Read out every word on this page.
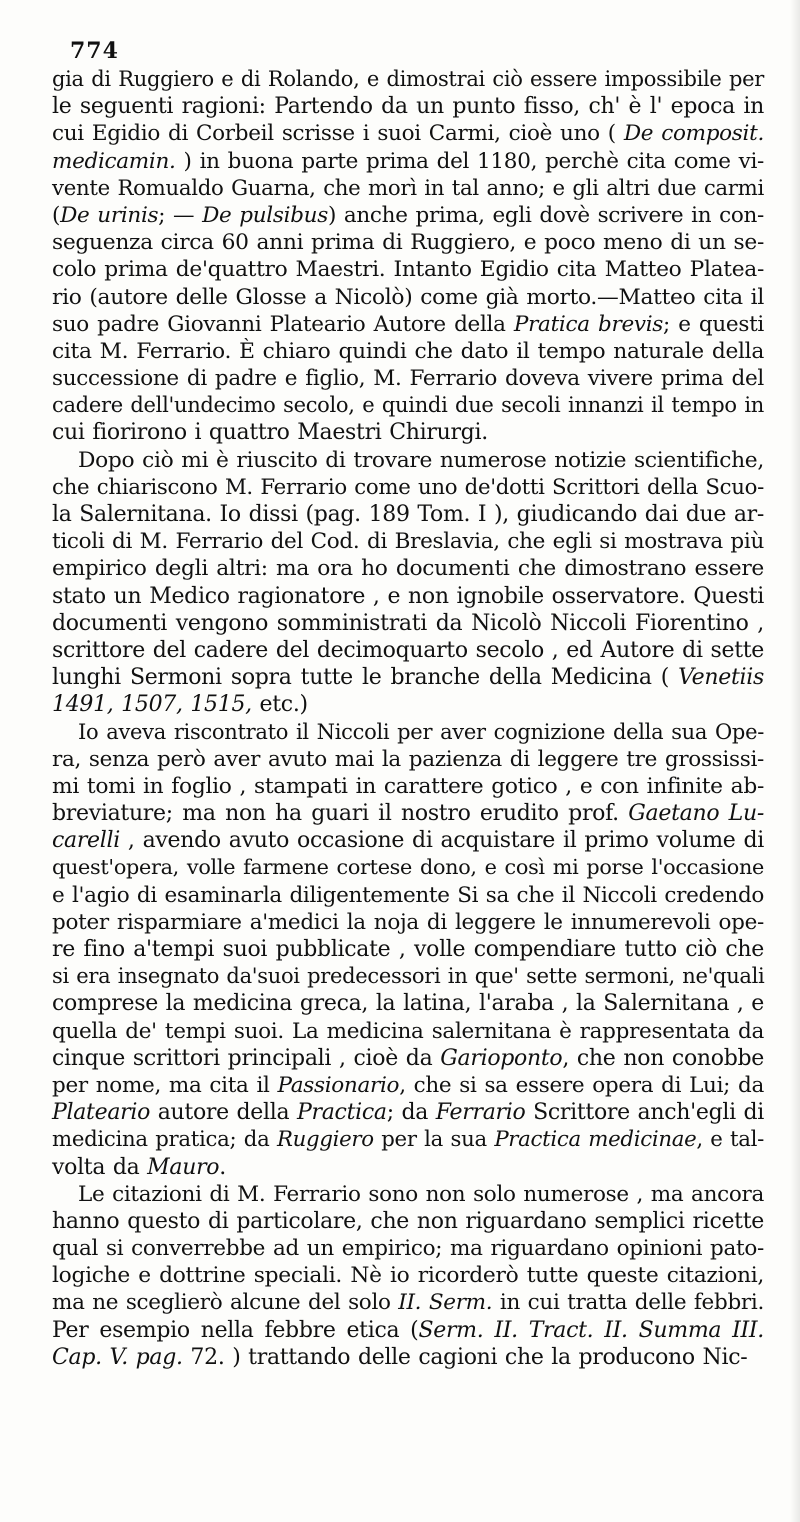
774
gia di Ruggiero e di Rolando, e dimostrai ciò essere impossibile per
le seguenti ragioni: Partendo da un punto fisso, ch' è l' epoca in
cui Egidio di Corbeil scrisse i suoi Carmi, cioè uno ( De composit.
medicamin. ) in buona parte prima del 1180, perchè cita come vi-
vente Romualdo Guarna, che morì in tal anno; e gli altri due carmi
(De urinis; — De pulsibus) anche prima, egli dovè scrivere in con-
seguenza circa 60 anni prima di Ruggiero, e poco meno di un se-
colo prima de'quattro Maestri. Intanto Egidio cita Matteo Platea-
rio (autore delle Glosse a Nicolò) come già morto.—Matteo cita il
suo padre Giovanni Plateario Autore della Pratica brevis; e questi
cita M. Ferrario. È chiaro quindi che dato il tempo naturale della
successione di padre e figlio, M. Ferrario doveva vivere prima del
cadere dell'undecimo secolo, e quindi due secoli innanzi il tempo in
cui fiorirono i quattro Maestri Chirurgi.
Dopo ciò mi è riuscito di trovare numerose notizie scientifiche,
che chiariscono M. Ferrario come uno de'dotti Scrittori della Scuo-
la Salernitana. Io dissi (pag. 189 Tom. I ), giudicando dai due ar-
ticoli di M. Ferrario del Cod. di Breslavia, che egli si mostrava più
empirico degli altri: ma ora ho documenti che dimostrano essere
stato un Medico ragionatore , e non ignobile osservatore. Questi
documenti vengono somministrati da Nicolò Niccoli Fiorentino ,
scrittore del cadere del decimoquarto secolo , ed Autore di sette
lunghi Sermoni sopra tutte le branche della Medicina ( Venetiis
1491, 1507, 1515, etc.)
Io aveva riscontrato il Niccoli per aver cognizione della sua Ope-
ra, senza però aver avuto mai la pazienza di leggere tre grossissi-
mi tomi in foglio , stampati in carattere gotico , e con infinite ab-
breviature; ma non ha guari il nostro erudito prof. Gaetano Lu-
carelli , avendo avuto occasione di acquistare il primo volume di
quest'opera, volle farmene cortese dono, e così mi porse l'occasione
e l'agio di esaminarla diligentemente Si sa che il Niccoli credendo
poter risparmiare a'medici la noja di leggere le innumerevoli ope-
re fino a'tempi suoi pubblicate , volle compendiare tutto ciò che
si era insegnato da'suoi predecessori in que' sette sermoni, ne'quali
comprese la medicina greca, la latina, l'araba , la Salernitana , e
quella de' tempi suoi. La medicina salernitana è rappresentata da
cinque scrittori principali , cioè da Garioponto, che non conobbe
per nome, ma cita il Passionario, che si sa essere opera di Lui; da
Plateario autore della Practica; da Ferrario Scrittore anch'egli di
medicina pratica; da Ruggiero per la sua Practica medicinae, e tal-
volta da Mauro.
Le citazioni di M. Ferrario sono non solo numerose , ma ancora
hanno questo di particolare, che non riguardano semplici ricette
qual si converrebbe ad un empirico; ma riguardano opinioni pato-
logiche e dottrine speciali. Nè io ricorderò tutte queste citazioni,
ma ne sceglierò alcune del solo II. Serm. in cui tratta delle febbri.
Per esempio nella febbre etica (Serm. II. Tract. II. Summa III.
Cap. V. pag. 72. ) trattando delle cagioni che la producono Nic-
